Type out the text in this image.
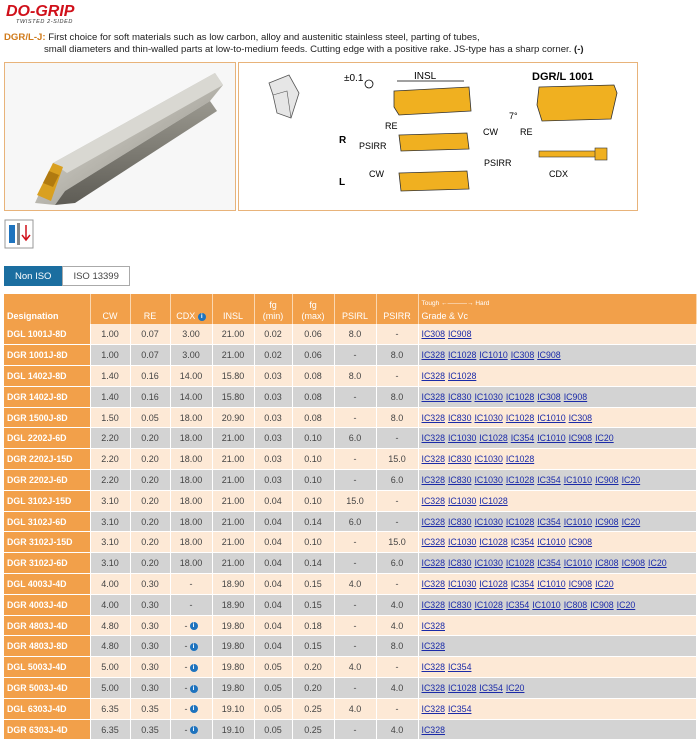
DO-GRIP
TWISTED 2-SIDED
DGR/L-J: First choice for soft materials such as low carbon, alloy and austenitic stainless steel, parting of tubes,
small diameters and thin-walled parts at low-to-medium feeds. Cutting edge with a positive rake. JS-type has a sharp corner. (-)
±0.1	INSL	DGR/L 1001
7°
RE
PSIRR
R
L
CW
CW RE
PSIRR
CDX
Non ISO	ISO 13399
Designation	CW	RE	CDX i	INSL	fg
(min)	fg
(max)	PSIRL	PSIRR	Tough ←———→ Hard
Grade & Vc
DGL 1001J-8D	1.00	0.07	3.00	21.00	0.02	0.06	8.0	-	IC308 IC908
DGR 1001J-8D	1.00	0.07	3.00	21.00	0.02	0.06	-	8.0	IC328 IC1028 IC1010 IC308 IC908
DGL 1402J-8D	1.40	0.16	14.00	15.80	0.03	0.08	8.0	-	IC328 IC1028
DGR 1402J-8D	1.40	0.16	14.00	15.80	0.03	0.08	-	8.0	IC328 IC830 IC1030 IC1028 IC308 IC908
DGR 1500J-8D	1.50	0.05	18.00	20.90	0.03	0.08	-	8.0	IC328 IC830 IC1030 IC1028 IC1010 IC308
DGL 2202J-6D	2.20	0.20	18.00	21.00	0.03	0.10	6.0	-	IC328 IC1030 IC1028 IC354 IC1010 IC908 IC20
DGR 2202J-15D	2.20	0.20	18.00	21.00	0.03	0.10	-	15.0	IC328 IC830 IC1030 IC1028
DGR 2202J-6D	2.20	0.20	18.00	21.00	0.03	0.10	-	6.0	IC328 IC830 IC1030 IC1028 IC354 IC1010 IC908 IC20
DGL 3102J-15D	3.10	0.20	18.00	21.00	0.04	0.10	15.0	-	IC328 IC1030 IC1028
DGL 3102J-6D	3.10	0.20	18.00	21.00	0.04	0.14	6.0	-	IC328 IC830 IC1030 IC1028 IC354 IC1010 IC908 IC20
DGR 3102J-15D	3.10	0.20	18.00	21.00	0.04	0.10	-	15.0	IC328 IC1030 IC1028 IC354 IC1010 IC908
DGR 3102J-6D	3.10	0.20	18.00	21.00	0.04	0.14	-	6.0	IC328 IC830 IC1030 IC1028 IC354 IC1010 IC808 IC908 IC20
DGL 4003J-4D	4.00	0.30	-	18.90	0.04	0.15	4.0	-	IC328 IC1030 IC1028 IC354 IC1010 IC908 IC20
DGR 4003J-4D	4.00	0.30	-	18.90	0.04	0.15	-	4.0	IC328 IC830 IC1028 IC354 IC1010 IC808 IC908 IC20
DGR 4803J-4D	4.80	0.30	- i	19.80	0.04	0.18	-	4.0	IC328
DGR 4803J-8D	4.80	0.30	- i	19.80	0.04	0.15	-	8.0	IC328
DGL 5003J-4D	5.00	0.30	- i	19.80	0.05	0.20	4.0	-	IC328 IC354
DGR 5003J-4D	5.00	0.30	- i	19.80	0.05	0.20	-	4.0	IC328 IC1028 IC354 IC20
DGL 6303J-4D	6.35	0.35	- i	19.10	0.05	0.25	4.0	-	IC328 IC354
DGR 6303J-4D	6.35	0.35	- i	19.10	0.05	0.25	-	4.0	IC328
